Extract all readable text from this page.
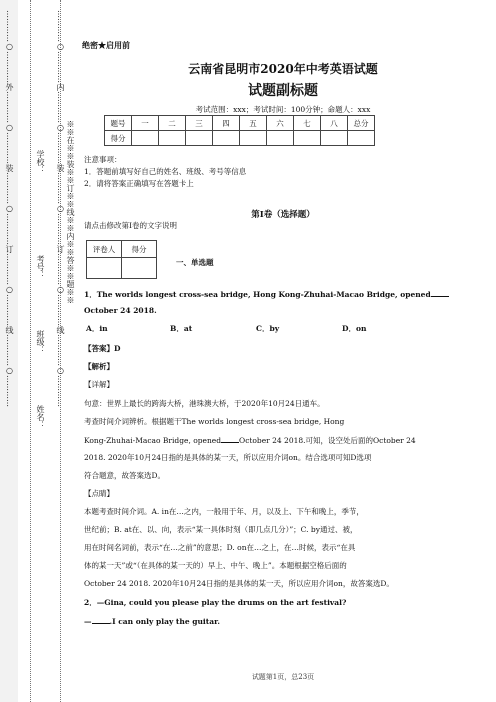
…………○…………外…………○…………装…………○…………订…………○…………线…………○…………	学校：
姓名：
班级：
考号： …………○…………内…………○…………装…………○…………订…………○…………线…………○………… ※※在※※装※※订※※线※※内※※答※※题※※
绝密★启用前
云南省昆明市2020年中考英语试题
试题副标题
考试范围：xxx；考试时间：100分钟；命题人：xxx
题号	一	二	三	四	五	六	七	八	总分
得分									
注意事项：
1．答题前填写好自己的姓名、班级、考号等信息
2．请将答案正确填写在答题卡上
第I卷（选择题）
请点击修改第I卷的文字说明
评卷人	得分

一、单选题
1．The worlds longest cross-sea bridge, Hong Kong-Zhuhai-Macao Bridge, opened
October 24 2018.
A．in	B．at	C．by	D．on
【答案】D
【解析】
【详解】
句意：世界上最长的跨海大桥，港珠澳大桥，于2020年10月24日通车。
考查时间介词辨析。根据题干The worlds longest cross-sea bridge, Hong
Kong-Zhuhai-Macao Bridge, opened October 24 2018.可知，设空处后面的October 24
2018. 2020年10月24日指的是具体的某一天，所以应用介词on。结合选项可知D选项
符合题意，故答案选D。
【点睛】
本题考查时间介词。A. in在…之内，一般用于年、月，以及上、下午和晚上，季节，
世纪前；B. at在、以、向，表示“某一具体时刻（即几点几分）”；C. by通过、被，
用在时间名词前，表示“在…之前”的意思；D. on在…之上，在…时候，表示“在具
体的某一天”或“（在具体的某一天的）早上、中午、晚上”。本题根据空格后面的
October 24 2018. 2020年10月24日指的是具体的某一天，所以应用介词on，故答案选D。
2．—Gina, could you please play the drums on the art festival?
— .I can only play the guitar.
试题第1页，总23页
